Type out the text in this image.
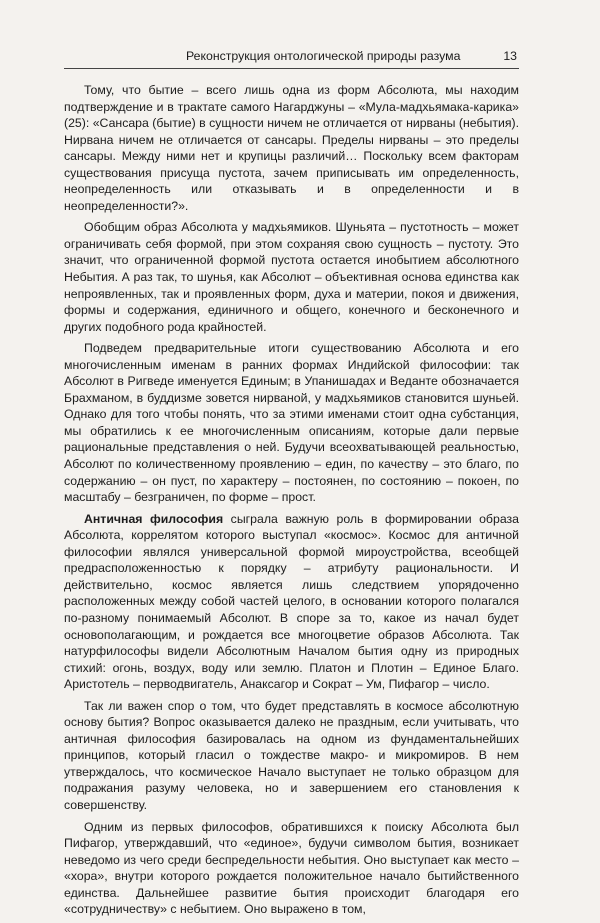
Реконструкция онтологической природы разума	13

Тому, что бытие – всего лишь одна из форм Абсолюта, мы находим подтверждение и в трактате самого Нагарджуны – «Мула-мадхьямака-карика» (25): «Сансара (бытие) в сущности ничем не отличается от нирваны (небытия). Нирвана ничем не отличается от сансары. Пределы нирваны – это пределы сансары. Между ними нет и крупицы различий… Поскольку всем факторам существования присуща пустота, зачем приписывать им определенность, неопределенность или отказывать и в определенности и в неопределенности?».

Обобщим образ Абсолюта у мадхьямиков. Шуньята – пустотность – может ограничивать себя формой, при этом сохраняя свою сущность – пустоту. Это значит, что ограниченной формой пустота остается инобытием абсолютного Небытия. А раз так, то шунья, как Абсолют – объективная основа единства как непроявленных, так и проявленных форм, духа и материи, покоя и движения, формы и содержания, единичного и общего, конечного и бесконечного и других подобного рода крайностей.

Подведем предварительные итоги существованию Абсолюта и его многочисленным именам в ранних формах Индийской философии: так Абсолют в Ригведе именуется Единым; в Упанишадах и Веданте обозначается Брахманом, в буддизме зовется нирваной, у мадхьямиков становится шуньей. Однако для того чтобы понять, что за этими именами стоит одна субстанция, мы обратились к ее многочисленным описаниям, которые дали первые рациональные представления о ней. Будучи всеохватывающей реальностью, Абсолют по количественному проявлению – един, по качеству – это благо, по содержанию – он пуст, по характеру – постоянен, по состоянию – покоен, по масштабу – безграничен, по форме – прост.

Античная философия сыграла важную роль в формировании образа Абсолюта, коррелятом которого выступал «космос». Космос для античной философии являлся универсальной формой мироустройства, всеобщей предрасположенностью к порядку – атрибуту рациональности. И действительно, космос является лишь следствием упорядоченно расположенных между собой частей целого, в основании которого полагался по-разному понимаемый Абсолют. В споре за то, какое из начал будет основополагающим, и рождается все многоцветие образов Абсолюта. Так натурфилософы видели Абсолютным Началом бытия одну из природных стихий: огонь, воздух, воду или землю. Платон и Плотин – Единое Благо. Аристотель – перводвигатель, Анаксагор и Сократ – Ум, Пифагор – число.

Так ли важен спор о том, что будет представлять в космосе абсолютную основу бытия? Вопрос оказывается далеко не праздным, если учитывать, что античная философия базировалась на одном из фундаментальнейших принципов, который гласил о тождестве макро- и микромиров. В нем утверждалось, что космическое Начало выступает не только образцом для подражания разуму человека, но и завершением его становления к совершенству.

Одним из первых философов, обратившихся к поиску Абсолюта был Пифагор, утверждавший, что «единое», будучи символом бытия, возникает неведомо из чего среди беспредельности небытия. Оно выступает как место – «хора», внутри которого рождается положительное начало бытийственного единства. Дальнейшее развитие бытия происходит благодаря его «сотрудничеству» с небытием. Оно выражено в том,
